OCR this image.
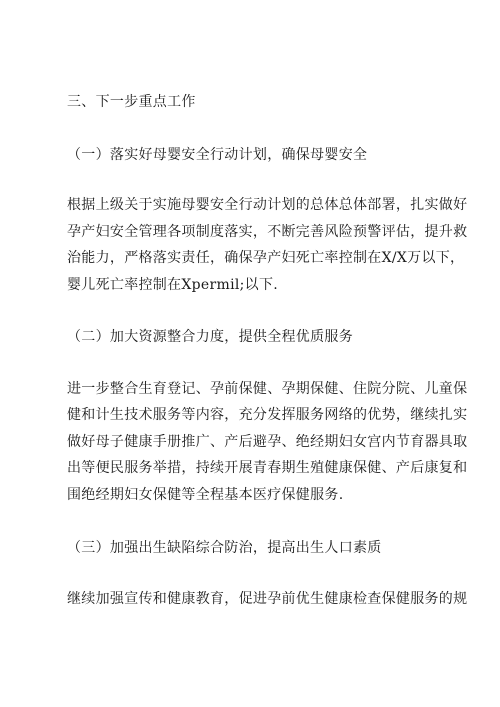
三、下一步重点工作
（一）落实好母婴安全行动计划，确保母婴安全
根据上级关于实施母婴安全行动计划的总体总体部署，扎实做好
孕产妇安全管理各项制度落实，不断完善风险预警评估，提升救
治能力，严格落实责任，确保孕产妇死亡率控制在X/X万以下，
婴儿死亡率控制在Xpermil;以下.
（二）加大资源整合力度，提供全程优质服务
进一步整合生育登记、孕前保健、孕期保健、住院分院、儿童保
健和计生技术服务等内容，充分发挥服务网络的优势，继续扎实
做好母子健康手册推广、产后避孕、绝经期妇女宫内节育器具取
出等便民服务举措，持续开展青春期生殖健康保健、产后康复和
围绝经期妇女保健等全程基本医疗保健服务.
（三）加强出生缺陷综合防治，提高出生人口素质
继续加强宣传和健康教育，促进孕前优生健康检查保健服务的规
